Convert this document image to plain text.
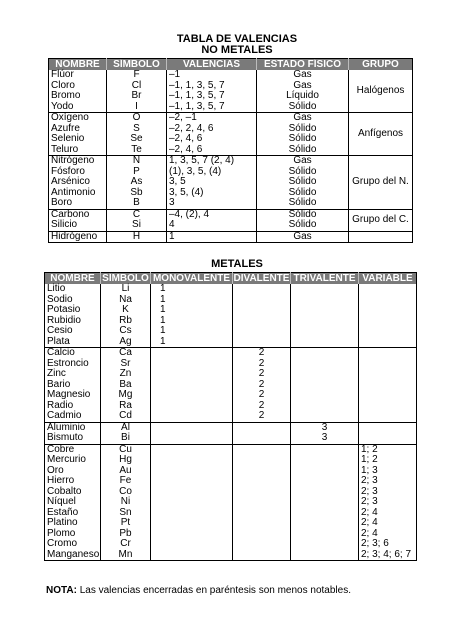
TABLA DE VALENCIAS
NO METALES
NOMBRE	SÍMBOLO	VALENCIAS	ESTADO FÍSICO	GRUPO
Flúor	F	–1	Gas	Halógenos
Cloro	Cl	–1, 1, 3, 5, 7	Gas	
Bromo	Br	–1, 1, 3, 5, 7	Líquido	
Yodo	I	–1, 1, 3, 5, 7	Sólido	
Oxígeno	O	–2, –1	Gas	Anfígenos
Azufre	S	–2, 2, 4, 6	Sólido	
Selenio	Se	–2, 4, 6	Sólido	
Teluro	Te	–2, 4, 6	Sólido	
Nitrógeno	N	1, 3, 5, 7 (2, 4)	Gas	Grupo del N.
Fósforo	P	(1), 3, 5, (4)	Sólido	
Arsénico	As	3, 5	Sólido	
Antimonio	Sb	3, 5, (4)	Sólido	
Boro	B	3	Sólido	
Carbono	C	–4, (2), 4	Sólido	Grupo del C.
Silicio	Si	4	Sólido	
Hidrógeno	H	1	Gas	
METALES
NOMBRE	SÍMBOLO	MONOVALENTE	DIVALENTE	TRIVALENTE	VARIABLE
Litio	Li	1			
Sodio	Na	1			
Potasio	K	1			
Rubidio	Rb	1			
Cesio	Cs	1			
Plata	Ag	1			
Calcio	Ca		2		
Estroncio	Sr		2		
Zinc	Zn		2		
Bario	Ba		2		
Magnesio	Mg		2		
Radio	Ra		2		
Cadmio	Cd		2		
Aluminio	Al			3	
Bismuto	Bi			3	
Cobre	Cu				1; 2
Mercurio	Hg				1; 2
Oro	Au				1; 3
Hierro	Fe				2; 3
Cobalto	Co				2; 3
Níquel	Ni				2; 3
Estaño	Sn				2; 4
Platino	Pt				2; 4
Plomo	Pb				2; 4
Cromo	Cr				2; 3; 6
Manganeso	Mn				2; 3; 4; 6; 7
NOTA: Las valencias encerradas en paréntesis son menos notables.
